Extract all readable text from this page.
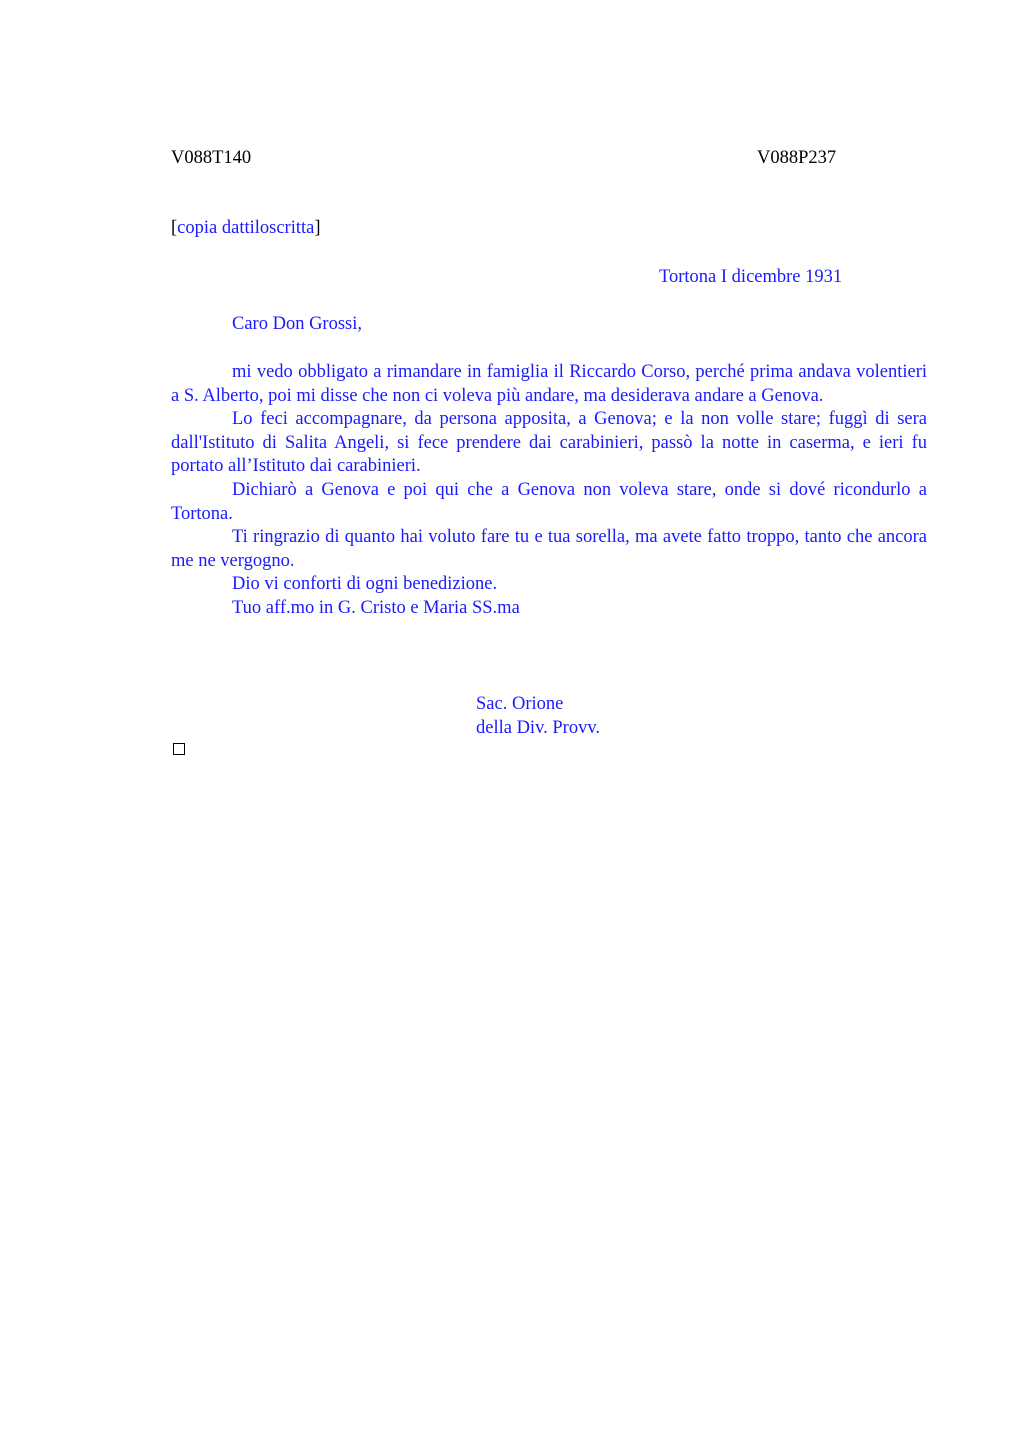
V088T140	V088P237
[copia dattiloscritta]
Tortona I dicembre 1931
Caro Don Grossi,

mi vedo obbligato a rimandare in famiglia il Riccardo Corso, perché prima andava volentieri a S. Alberto, poi mi disse che non ci voleva più andare, ma desiderava andare a Genova.

Lo feci accompagnare, da persona apposita, a Genova; e la non volle stare; fuggì di sera dall'Istituto di Salita Angeli, si fece prendere dai carabinieri, passò la notte in caserma, e ieri fu portato all’Istituto dai carabinieri.

Dichiarò a Genova e poi qui che a Genova non voleva stare, onde si dové ricondurlo a Tortona.

Ti ringrazio di quanto hai voluto fare tu e tua sorella, ma avete fatto troppo, tanto che ancora me ne vergogno.

Dio vi conforti di ogni benedizione.

Tuo aff.mo in G. Cristo e Maria SS.ma

Sac. Orione
della Div. Provv.
